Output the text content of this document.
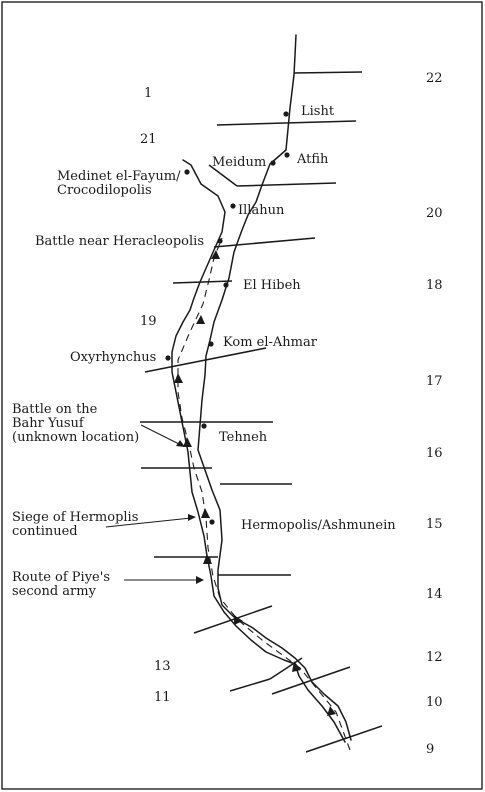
Lisht
Meidum Atfih
Medinet el-Fayum/
Crocodilopolis
Illahun
Battle near Heracleopolis
El Hibeh
Kom el-Ahmar
Oxyrhynchus
Tehneh
Hermopolis/Ashmunein
Battle on the
Bahr Yusuf
(unknown location)
Siege of Hermoplis
continued
Route of Piye's
second army
1
21
19
13
11
22
20
18
17
16
15
14
12
10
9
